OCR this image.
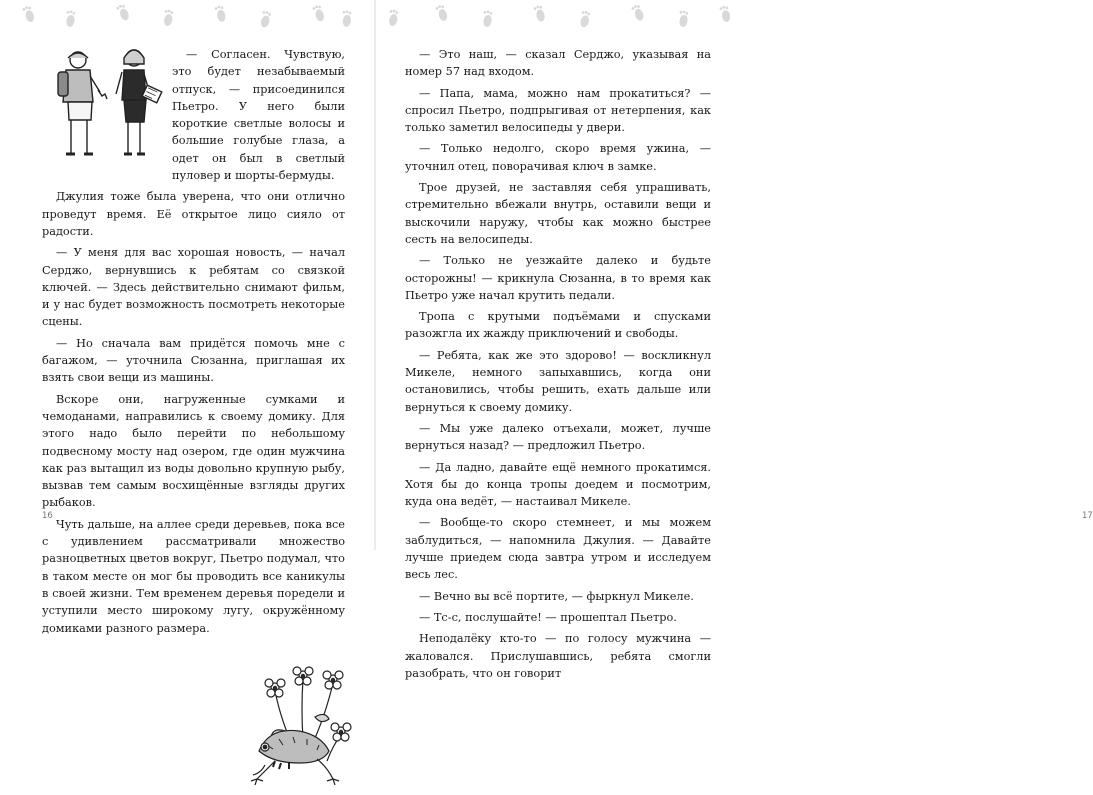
— Согласен. Чувствую, это будет незабываемый отпуск, — присоединился Пьетро. У него были короткие светлые волосы и большие голубые глаза, а одет он был в светлый пуловер и шорты-бермуды.

Джулия тоже была уверена, что они отлично проведут время. Её открытое лицо сияло от радости.

— У меня для вас хорошая новость, — начал Серджо, вернувшись к ребятам со связкой ключей. — Здесь действительно снимают фильм, и у нас будет возможность посмотреть некоторые сцены.

— Но сначала вам придётся помочь мне с багажом, — уточнила Сюзанна, приглашая их взять свои вещи из машины.

Вскоре они, нагруженные сумками и чемоданами, направились к своему домику. Для этого надо было перейти по небольшому подвесному мосту над озером, где один мужчина как раз вытащил из воды довольно крупную рыбу, вызвав тем самым восхищённые взгляды других рыбаков.

Чуть дальше, на аллее среди деревьев, пока все с удивлением рассматривали множество разноцветных цветов вокруг, Пьетро подумал, что в таком месте он мог бы проводить все каникулы в своей жизни. Тем временем деревья поредели и уступили место широкому лугу, окружённому домиками разного размера.

16

— Это наш, — сказал Серджо, указывая на номер 57 над входом.

— Папа, мама, можно нам прокатиться? — спросил Пьетро, подпрыгивая от нетерпения, как только заметил велосипеды у двери.

— Только недолго, скоро время ужина, — уточнил отец, поворачивая ключ в замке.

Трое друзей, не заставляя себя упрашивать, стремительно вбежали внутрь, оставили вещи и выскочили наружу, чтобы как можно быстрее сесть на велосипеды.

— Только не уезжайте далеко и будьте осторожны! — крикнула Сюзанна, в то время как Пьетро уже начал крутить педали.

Тропа с крутыми подъёмами и спусками разожгла их жажду приключений и свободы.

— Ребята, как же это здорово! — воскликнул Микеле, немного запыхавшись, когда они остановились, чтобы решить, ехать дальше или вернуться к своему домику.

— Мы уже далеко отъехали, может, лучше вернуться назад? — предложил Пьетро.

— Да ладно, давайте ещё немного прокатимся. Хотя бы до конца тропы доедем и посмотрим, куда она ведёт, — настаивал Микеле.

— Вообще-то скоро стемнеет, и мы можем заблудиться, — напомнила Джулия. — Давайте лучше приедем сюда завтра утром и исследуем весь лес.

— Вечно вы всё портите, — фыркнул Микеле.

— Тс-с, послушайте! — прошептал Пьетро.

Неподалёку кто-то — по голосу мужчина — жаловался. Прислушавшись, ребята смогли разобрать, что он говорит

17
